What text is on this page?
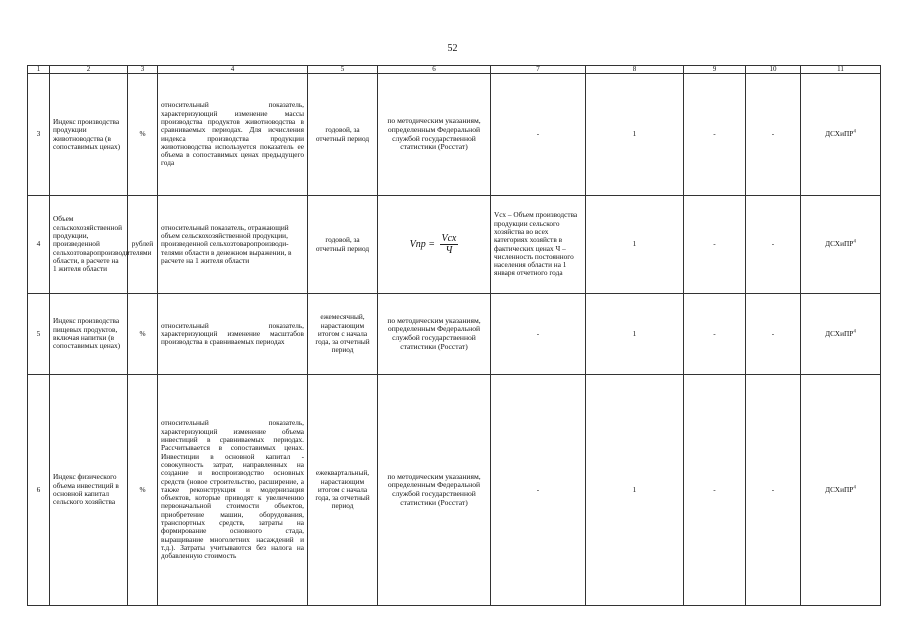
52
1	2	3	4	5	6	7	8	9	10	11
3	Индекс производства продукции животноводства (в сопоставимых ценах)	%	относительный показатель, характеризующий изменение массы производства продуктов животноводства в сравниваемых периодах. Для исчисления индекса производства продукции животноводства используется показатель ее объема в сопоставимых ценах предыдущего года	годовой, за отчетный период	по методическим указаниям, определенным Федеральной службой государственной статистики (Росстат)	-	1	-	-	ДСХиПР$^4$
4	Объем сельскохозяйственной продукции, произведенной сельхозтоваропроизводителями области, в расчете на 1 жителя области	рублей	относительный показатель, отражающий объем сельскохозяйственной продукции, произведенной сельхозтоваропроизводи-телями области в денежном выражении, в расчете на 1 жителя области	годовой, за отчетный период	Vпр = $\frac{\text{Vсх}}{Ч}$	Vсх – Объем производства продукции сельского хозяйства во всех категориях хозяйств в фактических ценах Ч – численность постоянного населения области на 1 января отчетного года	1	-	-	ДСХиПР$^4$
5	Индекс производства пищевых продуктов, включая напитки (в сопоставимых ценах)	%	относительный показатель, характеризующий изменение масштабов производства в сравниваемых периодах	ежемесячный, нарастающим итогом с начала года, за отчетный период	по методическим указаниям, определенным Федеральной службой государственной статистики (Росстат)	-	1	-	-	ДСХиПР$^4$
6	Индекс физического объема инвестиций в основной капитал сельского хозяйства	%	относительный показатель, характеризующий изменение объема инвестиций в сравниваемых периодах. Рассчитывается в сопоставимых ценах. Инвестиции в основной капитал - совокупность затрат, направленных на создание и воспроизводство основных средств (новое строительство, расширение, а также реконструкция и модернизация объектов, которые приводят к увеличению первоначальной стоимости объектов, приобретение машин, оборудования, транспортных средств, затраты на формирование основного стада, выращивание многолетних насаждений и т.д.). Затраты учитываются без налога на добавленную стоимость	ежеквартальный, нарастающим итогом с начала года, за отчетный период	по методическим указаниям, определенным Федеральной службой государственной статистики (Росстат)	-	1	-	-	ДСХиПР$^4$
